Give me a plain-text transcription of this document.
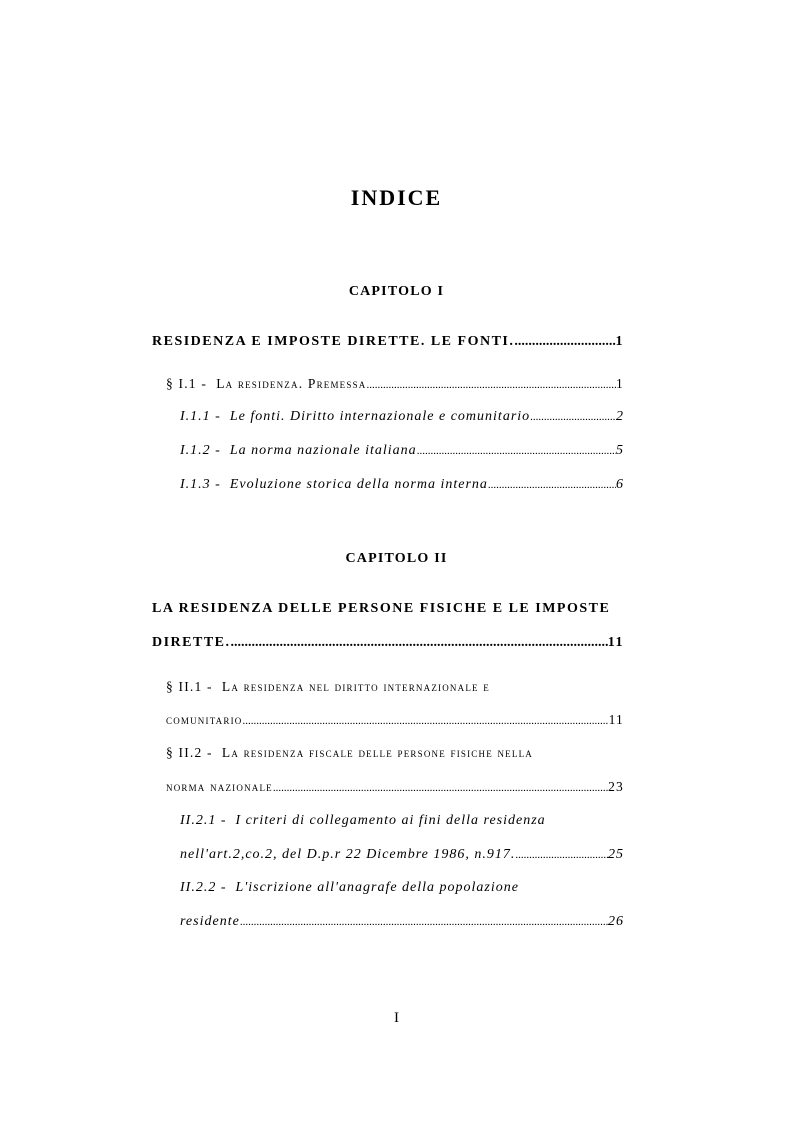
INDICE
CAPITOLO I
RESIDENZA E IMPOSTE DIRETTE. LE FONTI. .....	1
§ I.1 -
La residenza. Premessa .....	1
I.1.1 -
Le fonti. Diritto internazionale e comunitario .....	2
I.1.2 -
La norma nazionale italiana .....	5
I.1.3 -
Evoluzione storica della norma interna .....	6
CAPITOLO II
LA RESIDENZA DELLE PERSONE FISICHE E LE IMPOSTE
DIRETTE. .....	11
§ II.1 - La residenza nel diritto internazionale e
comunitario .....	11
§ II.2 - La residenza fiscale delle persone fisiche nella
norma nazionale .....	23
II.2.1 - I criteri di collegamento ai fini della residenza
nell'art.2,co.2, del D.p.r 22 Dicembre 1986, n.917. .....	25
II.2.2 - L'iscrizione all'anagrafe della popolazione
residente .....	26
I
